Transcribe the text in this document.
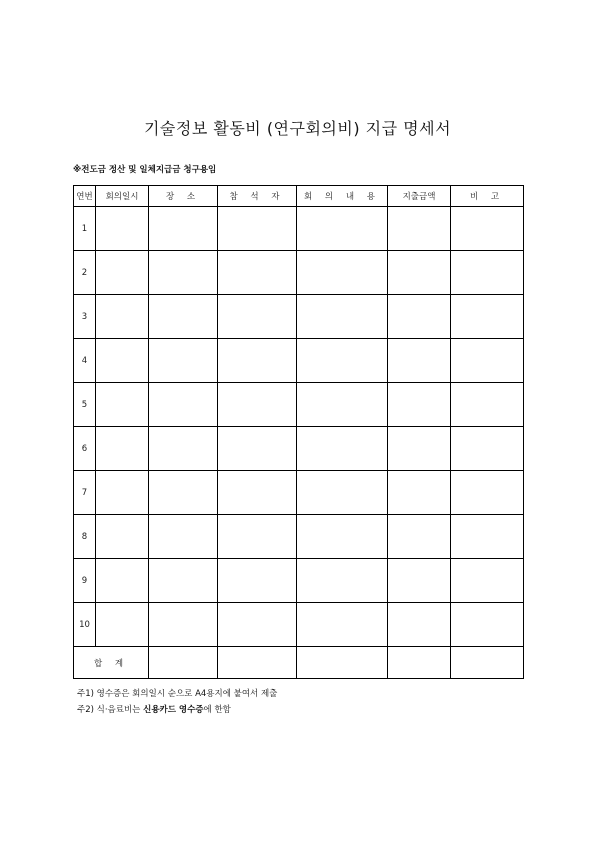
기술정보 활동비 (연구회의비) 지급 명세서
※전도금 정산 및 일체지급금 청구용임
연번	회의일시	장 소	참 석 자	회 의 내 용	지출금액	비 고
1						
2						
3						
4						
5						
6						
7						
8						
9						
10						
합 계						
주1) 영수증은 회의일시 순으로 A4용지에 붙여서 제출
주2) 식·음료비는 신용카드 영수증에 한함
